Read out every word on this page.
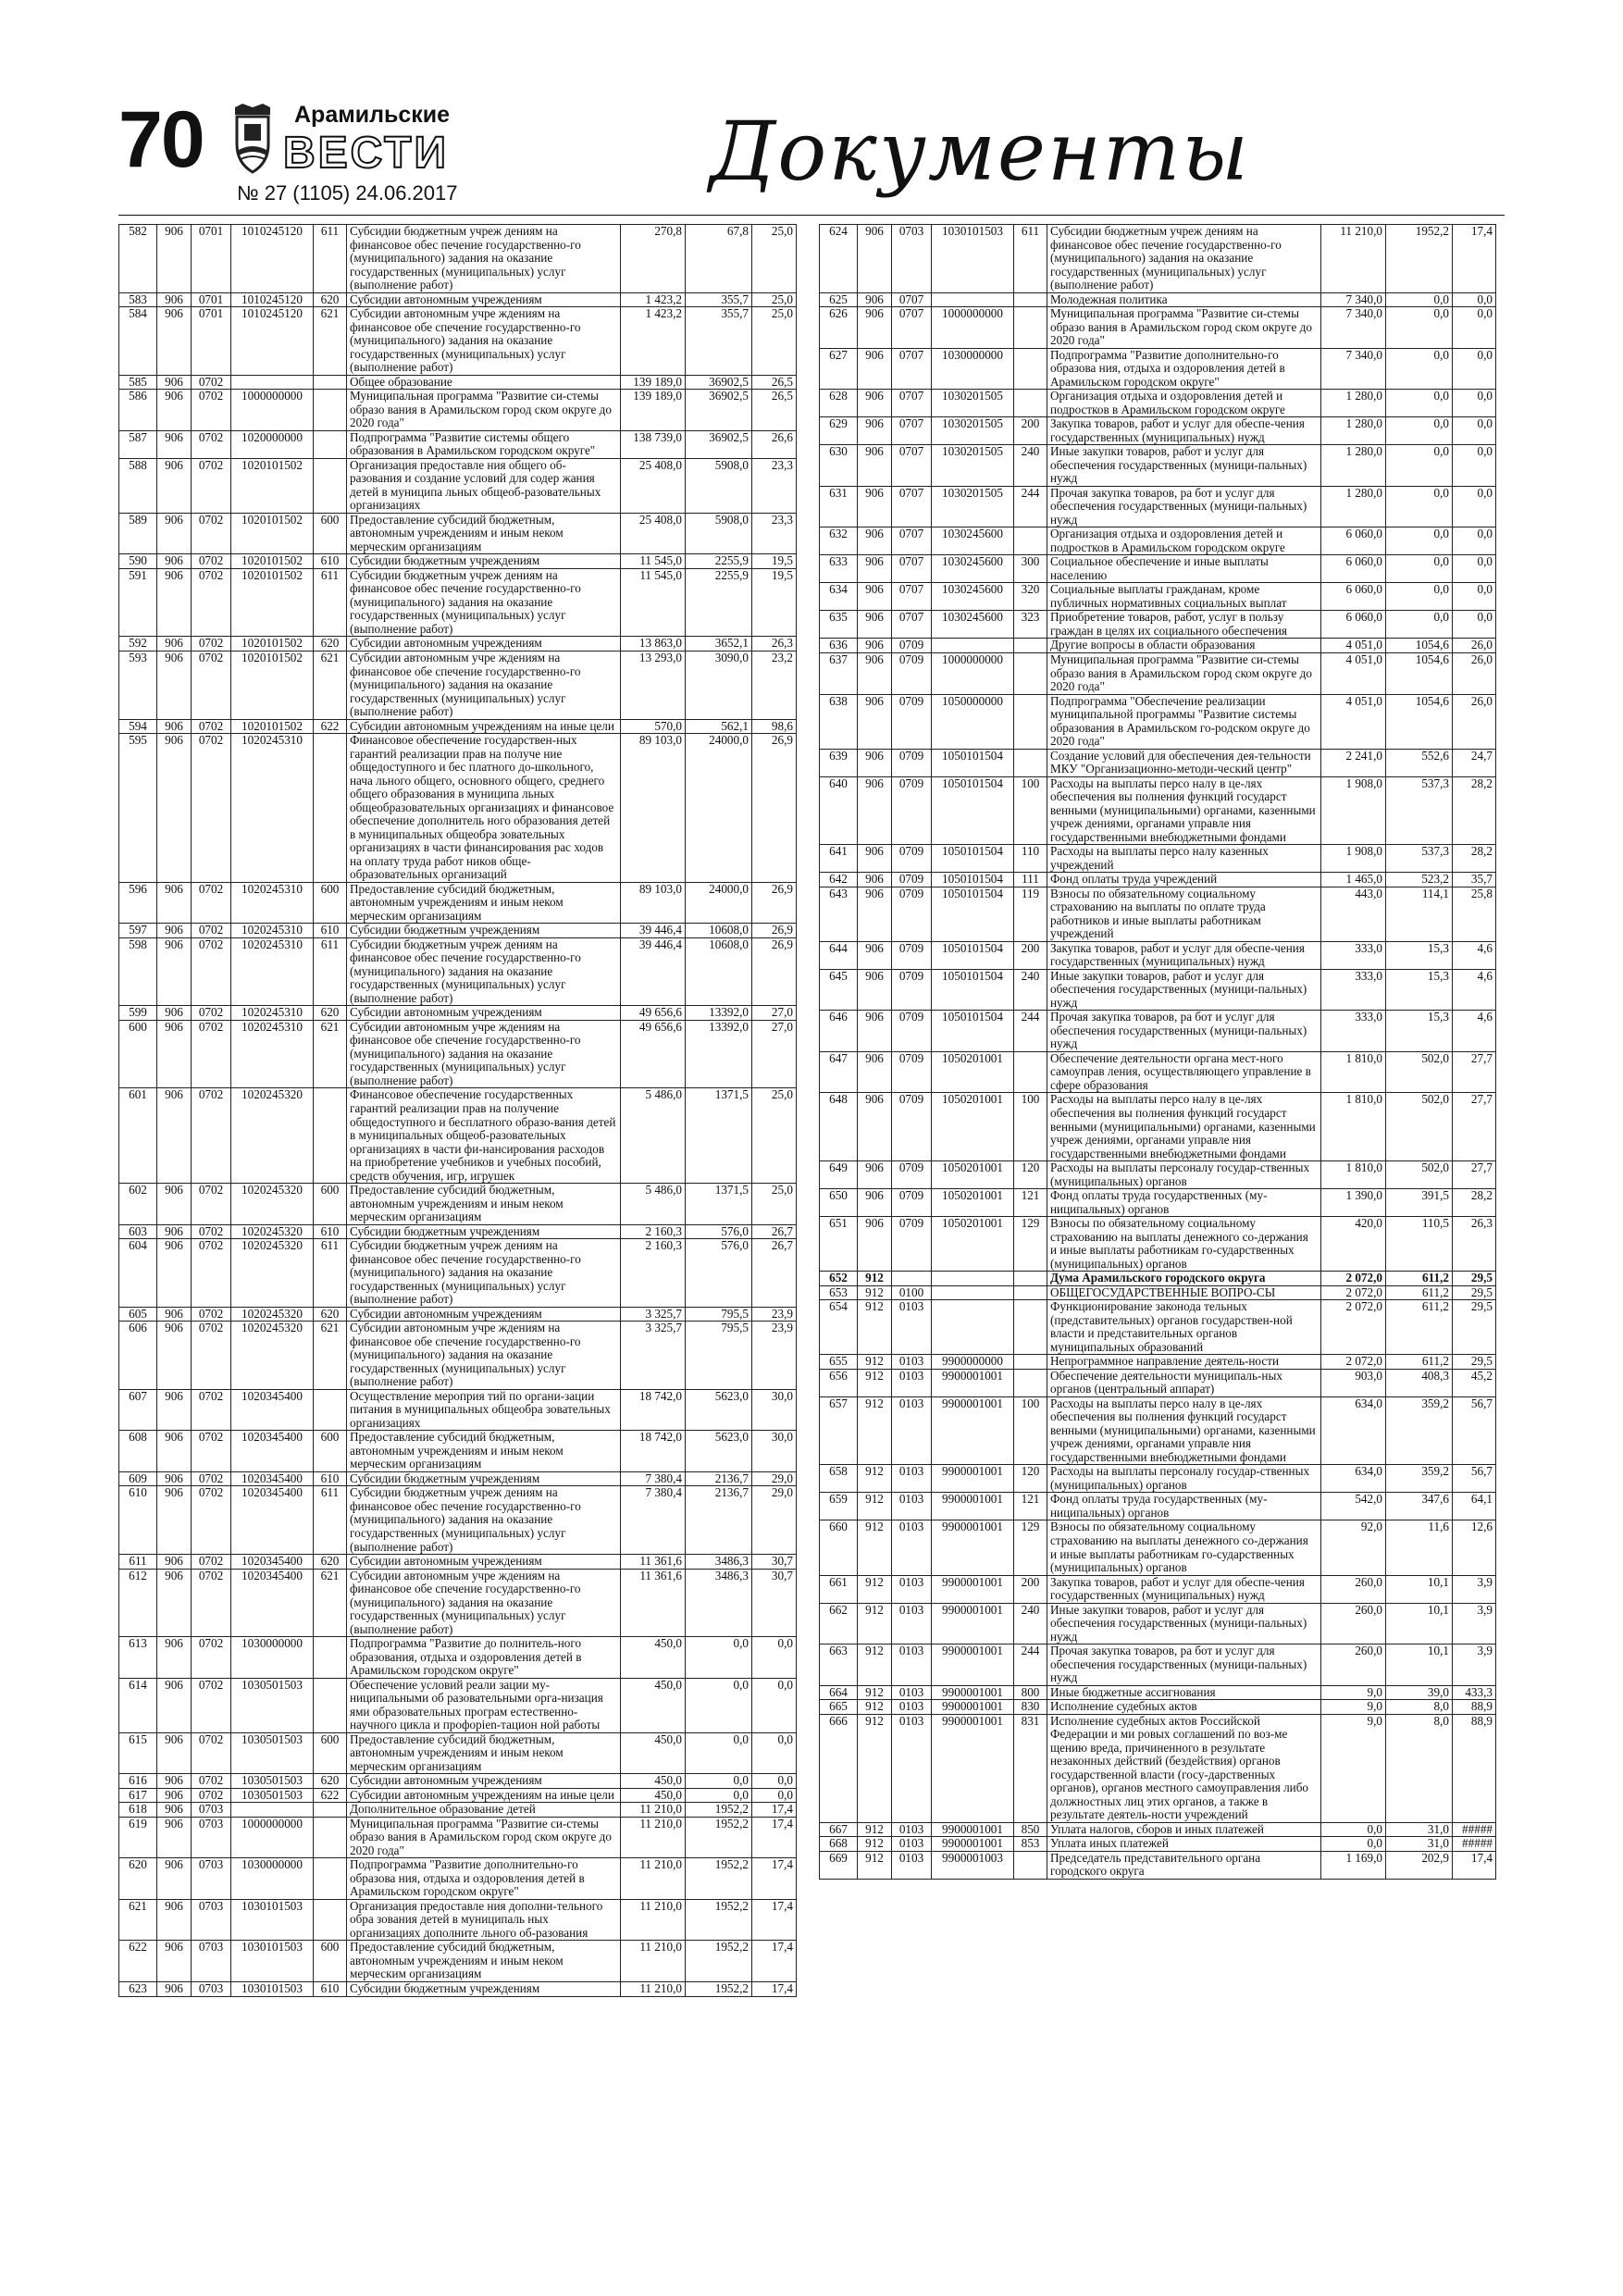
70	Арамильские
ВЕСТИ
№ 27 (1105) 24.06.2017	Документы
582	906	0701	1010245120	611	Субсидии бюджетным учреж дениям на финансовое обес печение государственно-го (муниципального) задания на оказание государственных (муниципальных) услуг (выполнение работ)	270,8	67,8	25,0
583	906	0701	1010245120	620	Субсидии автономным учреждениям	1 423,2	355,7	25,0
584	906	0701	1010245120	621	Субсидии автономным учре ждениям на финансовое обе спечение государственно-го (муниципального) задания на оказание государственных (муниципальных) услуг (выполнение работ)	1 423,2	355,7	25,0
585	906	0702			Общее образование	139 189,0	36902,5	26,5
586	906	0702	1000000000		Муниципальная программа "Развитие си-стемы образо вания в Арамильском город ском округе до 2020 года"	139 189,0	36902,5	26,5
587	906	0702	1020000000		Подпрограмма "Развитие системы общего образования в Арамильском городском округе"	138 739,0	36902,5	26,6
588	906	0702	1020101502		Организация предоставле ния общего об-разования и создание условий для содер жания детей в муниципа льных общеоб-разовательных организациях	25 408,0	5908,0	23,3
589	906	0702	1020101502	600	Предоставление субсидий бюджетным, автономным учреждениям и иным неком мерческим организациям	25 408,0	5908,0	23,3
590	906	0702	1020101502	610	Субсидии бюджетным учреждениям	11 545,0	2255,9	19,5
591	906	0702	1020101502	611	Субсидии бюджетным учреж дениям на финансовое обес печение государственно-го (муниципального) задания на оказание государственных (муниципальных) услуг (выполнение работ)	11 545,0	2255,9	19,5
592	906	0702	1020101502	620	Субсидии автономным учреждениям	13 863,0	3652,1	26,3
593	906	0702	1020101502	621	Субсидии автономным учре ждениям на финансовое обе спечение государственно-го (муниципального) задания на оказание государственных (муниципальных) услуг (выполнение работ)	13 293,0	3090,0	23,2
594	906	0702	1020101502	622	Субсидии автономным учреждениям на иные цели	570,0	562,1	98,6
595	906	0702	1020245310		Финансовое обеспечение государствен-ных гарантий реализации прав на получе ние общедоступного и бес платного до-школьного, нача льного общего, основного общего, среднего общего образования в муниципа льных общеобразовательных организациях и финансовое обеспечение дополнитель ного образования детей в муниципальных общеобра зовательных организациях в части финансирования рас ходов на оплату труда работ ников обще-образовательных организаций	89 103,0	24000,0	26,9
596	906	0702	1020245310	600	Предоставление субсидий бюджетным, автономным учреждениям и иным неком мерческим организациям	89 103,0	24000,0	26,9
597	906	0702	1020245310	610	Субсидии бюджетным учреждениям	39 446,4	10608,0	26,9
598	906	0702	1020245310	611	Субсидии бюджетным учреж дениям на финансовое обес печение государственно-го (муниципального) задания на оказание государственных (муниципальных) услуг (выполнение работ)	39 446,4	10608,0	26,9
599	906	0702	1020245310	620	Субсидии автономным учреждениям	49 656,6	13392,0	27,0
600	906	0702	1020245310	621	Субсидии автономным учре ждениям на финансовое обе спечение государственно-го (муниципального) задания на оказание государственных (муниципальных) услуг (выполнение работ)	49 656,6	13392,0	27,0
601	906	0702	1020245320		Финансовое обеспечение государственных гарантий реализации прав на получение общедоступного и бесплатного образо-вания детей в муниципальных общеоб-разовательных организациях в части фи-нансирования расходов на приобретение учебников и учебных пособий, средств обучения, игр, игрушек	5 486,0	1371,5	25,0
602	906	0702	1020245320	600	Предоставление субсидий бюджетным, автономным учреждениям и иным неком мерческим организациям	5 486,0	1371,5	25,0
603	906	0702	1020245320	610	Субсидии бюджетным учреждениям	2 160,3	576,0	26,7
604	906	0702	1020245320	611	Субсидии бюджетным учреж дениям на финансовое обес печение государственно-го (муниципального) задания на оказание государственных (муниципальных) услуг (выполнение работ)	2 160,3	576,0	26,7
605	906	0702	1020245320	620	Субсидии автономным учреждениям	3 325,7	795,5	23,9
606	906	0702	1020245320	621	Субсидии автономным учре ждениям на финансовое обе спечение государственно-го (муниципального) задания на оказание государственных (муниципальных) услуг (выполнение работ)	3 325,7	795,5	23,9
607	906	0702	1020345400		Осуществление мероприя тий по органи-зации питания в муниципальных общеобра зовательных организациях	18 742,0	5623,0	30,0
608	906	0702	1020345400	600	Предоставление субсидий бюджетным, автономным учреждениям и иным неком мерческим организациям	18 742,0	5623,0	30,0
609	906	0702	1020345400	610	Субсидии бюджетным учреждениям	7 380,4	2136,7	29,0
610	906	0702	1020345400	611	Субсидии бюджетным учреж дениям на финансовое обес печение государственно-го (муниципального) задания на оказание государственных (муниципальных) услуг (выполнение работ)	7 380,4	2136,7	29,0
611	906	0702	1020345400	620	Субсидии автономным учреждениям	11 361,6	3486,3	30,7
612	906	0702	1020345400	621	Субсидии автономным учре ждениям на финансовое обе спечение государственно-го (муниципального) задания на оказание государственных (муниципальных) услуг (выполнение работ)	11 361,6	3486,3	30,7
613	906	0702	1030000000		Подпрограмма "Развитие до полнитель-ного образования, отдыха и оздоровления детей в Арамильском городском округе"	450,0	0,0	0,0
614	906	0702	1030501503		Обеспечение условий реали зации му-ниципальными об разовательными орга-низация ями образовательных програм естественно-научного цикла и профорien-тацион ной работы	450,0	0,0	0,0
615	906	0702	1030501503	600	Предоставление субсидий бюджетным, автономным учреждениям и иным неком мерческим организациям	450,0	0,0	0,0
616	906	0702	1030501503	620	Субсидии автономным учреждениям	450,0	0,0	0,0
617	906	0702	1030501503	622	Субсидии автономным учреждениям на иные цели	450,0	0,0	0,0
618	906	0703			Дополнительное образование детей	11 210,0	1952,2	17,4
619	906	0703	1000000000		Муниципальная программа "Развитие си-стемы образо вания в Арамильском город ском округе до 2020 года"	11 210,0	1952,2	17,4
620	906	0703	1030000000		Подпрограмма "Развитие дополнительно-го образова ния, отдыха и оздоровления детей в Арамильском городском округе"	11 210,0	1952,2	17,4
621	906	0703	1030101503		Организация предоставле ния дополни-тельного обра зования детей в муниципаль ных организациях дополните льного об-разования	11 210,0	1952,2	17,4
622	906	0703	1030101503	600	Предоставление субсидий бюджетным, автономным учреждениям и иным неком мерческим организациям	11 210,0	1952,2	17,4
623	906	0703	1030101503	610	Субсидии бюджетным учреждениям	11 210,0	1952,2	17,4
624	906	0703	1030101503	611	Субсидии бюджетным учреж дениям на финансовое обес печение государственно-го (муниципального) задания на оказание государственных (муниципальных) услуг (выполнение работ)	11 210,0	1952,2	17,4
625	906	0707			Молодежная политика	7 340,0	0,0	0,0
626	906	0707	1000000000		Муниципальная программа "Развитие си-стемы образо вания в Арамильском город ском округе до 2020 года"	7 340,0	0,0	0,0
627	906	0707	1030000000		Подпрограмма "Развитие дополнительно-го образова ния, отдыха и оздоровления детей в Арамильском городском округе"	7 340,0	0,0	0,0
628	906	0707	1030201505		Организация отдыха и оздоровления детей и подростков в Арамильском городском округе	1 280,0	0,0	0,0
629	906	0707	1030201505	200	Закупка товаров, работ и услуг для обеспе-чения государственных (муниципальных) нужд	1 280,0	0,0	0,0
630	906	0707	1030201505	240	Иные закупки товаров, работ и услуг для обеспечения государственных (муници-пальных) нужд	1 280,0	0,0	0,0
631	906	0707	1030201505	244	Прочая закупка товаров, ра бот и услуг для обеспечения государственных (муници-пальных) нужд	1 280,0	0,0	0,0
632	906	0707	1030245600		Организация отдыха и оздоровления детей и подростков в Арамильском городском округе	6 060,0	0,0	0,0
633	906	0707	1030245600	300	Социальное обеспечение и иные выплаты населению	6 060,0	0,0	0,0
634	906	0707	1030245600	320	Социальные выплаты гражданам, кроме публичных нормативных социальных выплат	6 060,0	0,0	0,0
635	906	0707	1030245600	323	Приобретение товаров, работ, услуг в пользу граждан в целях их социального обеспечения	6 060,0	0,0	0,0
636	906	0709			Другие вопросы в области образования	4 051,0	1054,6	26,0
637	906	0709	1000000000		Муниципальная программа "Развитие си-стемы образо вания в Арамильском город ском округе до 2020 года"	4 051,0	1054,6	26,0
638	906	0709	1050000000		Подпрограмма "Обеспечение реализации муниципальной программы "Развитие системы образования в Арамильском го-родском округе до 2020 года"	4 051,0	1054,6	26,0
639	906	0709	1050101504		Создание условий для обеспечения дея-тельности МКУ "Организационно-методи-ческий центр"	2 241,0	552,6	24,7
640	906	0709	1050101504	100	Расходы на выплаты персо налу в це-лях обеспечения вы полнения функций государст венными (муниципальными) органами, казенными учреж дениями, органами управле ния государственными внебюджетными фондами	1 908,0	537,3	28,2
641	906	0709	1050101504	110	Расходы на выплаты персо налу казенных учреждений	1 908,0	537,3	28,2
642	906	0709	1050101504	111	Фонд оплаты труда учреждений	1 465,0	523,2	35,7
643	906	0709	1050101504	119	Взносы по обязательному социальному страхованию на выплаты по оплате труда работников и иные выплаты работникам учреждений	443,0	114,1	25,8
644	906	0709	1050101504	200	Закупка товаров, работ и услуг для обеспе-чения государственных (муниципальных) нужд	333,0	15,3	4,6
645	906	0709	1050101504	240	Иные закупки товаров, работ и услуг для обеспечения государственных (муници-пальных) нужд	333,0	15,3	4,6
646	906	0709	1050101504	244	Прочая закупка товаров, ра бот и услуг для обеспечения государственных (муници-пальных) нужд	333,0	15,3	4,6
647	906	0709	1050201001		Обеспечение деятельности органа мест-ного самоуправ ления, осуществляющего управление в сфере образования	1 810,0	502,0	27,7
648	906	0709	1050201001	100	Расходы на выплаты персо налу в це-лях обеспечения вы полнения функций государст венными (муниципальными) органами, казенными учреж дениями, органами управле ния государственными внебюджетными фондами	1 810,0	502,0	27,7
649	906	0709	1050201001	120	Расходы на выплаты персоналу государ-ственных (муниципальных) органов	1 810,0	502,0	27,7
650	906	0709	1050201001	121	Фонд оплаты труда государственных (му-ниципальных) органов	1 390,0	391,5	28,2
651	906	0709	1050201001	129	Взносы по обязательному социальному страхованию на выплаты денежного со-держания и иные выплаты работникам го-сударственных (муниципальных) органов	420,0	110,5	26,3
652	912				Дума Арамильского городского округа	2 072,0	611,2	29,5
653	912	0100			ОБЩЕГОСУДАРСТВЕННЫЕ ВОПРО-СЫ	2 072,0	611,2	29,5
654	912	0103			Функционирование законода тельных (представительных) органов государствен-ной власти и представительных органов муниципальных образований	2 072,0	611,2	29,5
655	912	0103	9900000000		Непрограммное направление деятель-ности	2 072,0	611,2	29,5
656	912	0103	9900001001		Обеспечение деятельности муниципаль-ных органов (центральный аппарат)	903,0	408,3	45,2
657	912	0103	9900001001	100	Расходы на выплаты персо налу в це-лях обеспечения вы полнения функций государст венными (муниципальными) органами, казенными учреж дениями, органами управле ния государственными внебюджетными фондами	634,0	359,2	56,7
658	912	0103	9900001001	120	Расходы на выплаты персоналу государ-ственных (муниципальных) органов	634,0	359,2	56,7
659	912	0103	9900001001	121	Фонд оплаты труда государственных (му-ниципальных) органов	542,0	347,6	64,1
660	912	0103	9900001001	129	Взносы по обязательному социальному страхованию на выплаты денежного со-держания и иные выплаты работникам го-сударственных (муниципальных) органов	92,0	11,6	12,6
661	912	0103	9900001001	200	Закупка товаров, работ и услуг для обеспе-чения государственных (муниципальных) нужд	260,0	10,1	3,9
662	912	0103	9900001001	240	Иные закупки товаров, работ и услуг для обеспечения государственных (муници-пальных) нужд	260,0	10,1	3,9
663	912	0103	9900001001	244	Прочая закупка товаров, ра бот и услуг для обеспечения государственных (муници-пальных) нужд	260,0	10,1	3,9
664	912	0103	9900001001	800	Иные бюджетные ассигнования	9,0	39,0	433,3
665	912	0103	9900001001	830	Исполнение судебных актов	9,0	8,0	88,9
666	912	0103	9900001001	831	Исполнение судебных актов Российской Федерации и ми ровых соглашений по воз-ме щению вреда, причиненного в результате незаконных действий (бездействия) органов государственной власти (госу-дарственных органов), органов местного самоуправления либо должностных лиц этих органов, а также в результате деятель-ности учреждений	9,0	8,0	88,9
667	912	0103	9900001001	850	Уплата налогов, сборов и иных платежей	0,0	31,0	#####
668	912	0103	9900001001	853	Уплата иных платежей	0,0	31,0	#####
669	912	0103	9900001003		Председатель представительного органа городского округа	1 169,0	202,9	17,4
